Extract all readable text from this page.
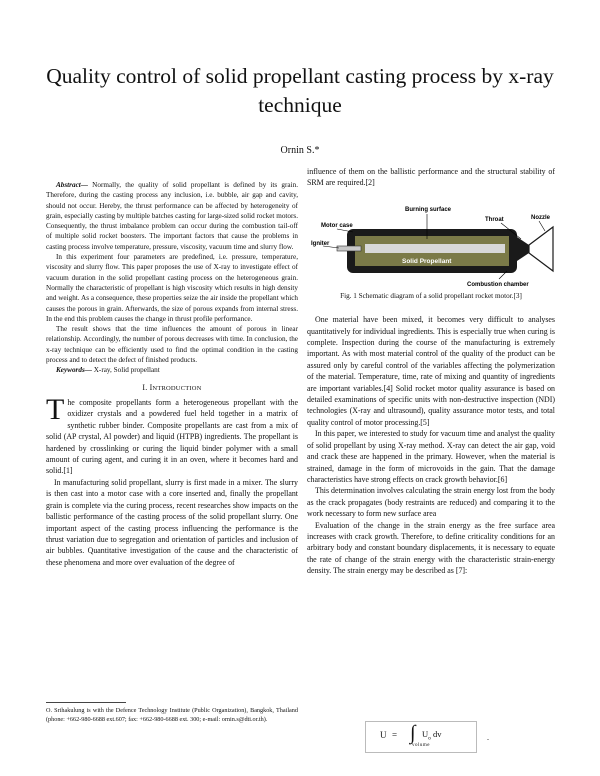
Quality control of solid propellant casting process by x-ray technique
Ornin S.*

Abstract— Normally, the quality of solid propellant is defined by its grain. Therefore, during the casting process any inclusion, i.e. bubble, air gap and cavity, should not occur. Hereby, the thrust performance can be affected by heterogeneity of grain, especially casting by multiple batches casting for large-sized solid rocket motors. Consequently, the thrust imbalance problem can occur during the combustion tail-off of multiple solid rocket boosters. The important factors that cause the problems in casting process involve temperature, pressure, viscosity, vacuum time and slurry flow.

In this experiment four parameters are predefined, i.e. pressure, temperature, viscosity and slurry flow. This paper proposes the use of X-ray to investigate effect of vacuum duration in the solid propellant casting process on the heterogeneous grain. Normally the characteristic of propellant is high viscosity which results in high density and weight. As a consequence, these properties seize the air inside the propellant which causes the porous in grain. Afterwards, the size of porous expands from internal stress. In the end this problem causes the change in thrust profile performance.

The result shows that the time influences the amount of porous in linear relationship. Accordingly, the number of porous decreases with time. In conclusion, the x-ray technique can be efficiently used to find the optimal condition in the casting process and to detect the defect of finished products.

Keywords— X-ray, Solid propellant

I. INTRODUCTION

The composite propellants form a heterogeneous propellant with the oxidizer crystals and a powdered fuel held together in a matrix of synthetic rubber binder. Composite propellants are cast from a mix of solid (AP crystal, Al powder) and liquid (HTPB) ingredients. The propellant is hardened by crosslinking or curing the liquid binder polymer with a small amount of curing agent, and curing it in an oven, where it becomes hard and solid.[1]

In manufacturing solid propellant, slurry is first made in a mixer. The slurry is then cast into a motor case with a core inserted and, finally the propellant grain is complete via the curing process, recent researches show impacts on the ballistic performance of the casting process of the solid propellant slurry. One important aspect of the casting process influencing the performance is the thrust variation due to segregation and orientation of particles and inclusion of air bubbles. Quantitative investigation of the cause and the characteristic of these phenomena and more over evaluation of the degree of

O. Srihakulung is with the Defence Technology Institute (Public Organization), Bangkok, Thailand (phone: +662-980-6688 ext.607; fax: +662-980-6688 ext. 300; e-mail: ornin.s@dti.or.th).

influence of them on the ballistic performance and the structural stability of SRM are required.[2]

Burning surface
Motor case
Throat	Nozzle
Igniter
Solid Propellant
Combustion chamber

Fig. 1 Schematic diagram of a solid propellant rocket motor.[3]

One material have been mixed, it becomes very difficult to analyses quantitatively for individual ingredients. This is especially true when curing is complete. Inspection during the course of the manufacturing is extremely important. As with most material control of the quality of the product can be assured only by careful control of the variables affecting the polymerization of the material. Temperature, time, rate of mixing and quantity of ingredients are important variables.[4] Solid rocket motor quality assurance is based on detailed examinations of specific units with non-destructive inspection (NDI) technologies (X-ray and ultrasound), quality assurance motor tests, and total quality control of motor processing.[5]

In this paper, we interested to study for vacuum time and analyst the quality of solid propellant by using X-ray method. X-ray can detect the air gap, void and crack these are happened in the primary. However, when the material is strained, damage in the form of microvoids in the gain. That the damage characteristics have strong effects on crack growth behavior.[6]

This determination involves calculating the strain energy lost from the body as the crack propagates (body restraints are reduced) and comparing it to the work necessary to form new surface area

Evaluation of the change in the strain energy as the free surface area increases with crack growth. Therefore, to define criticality conditions for an arbitrary body and constant boundary displacements, it is necessary to equate the rate of change of the strain energy with the characteristic strain-energy density. The strain energy may be described as [7]:

U = ∫ $U_o$ dv
volume
.
